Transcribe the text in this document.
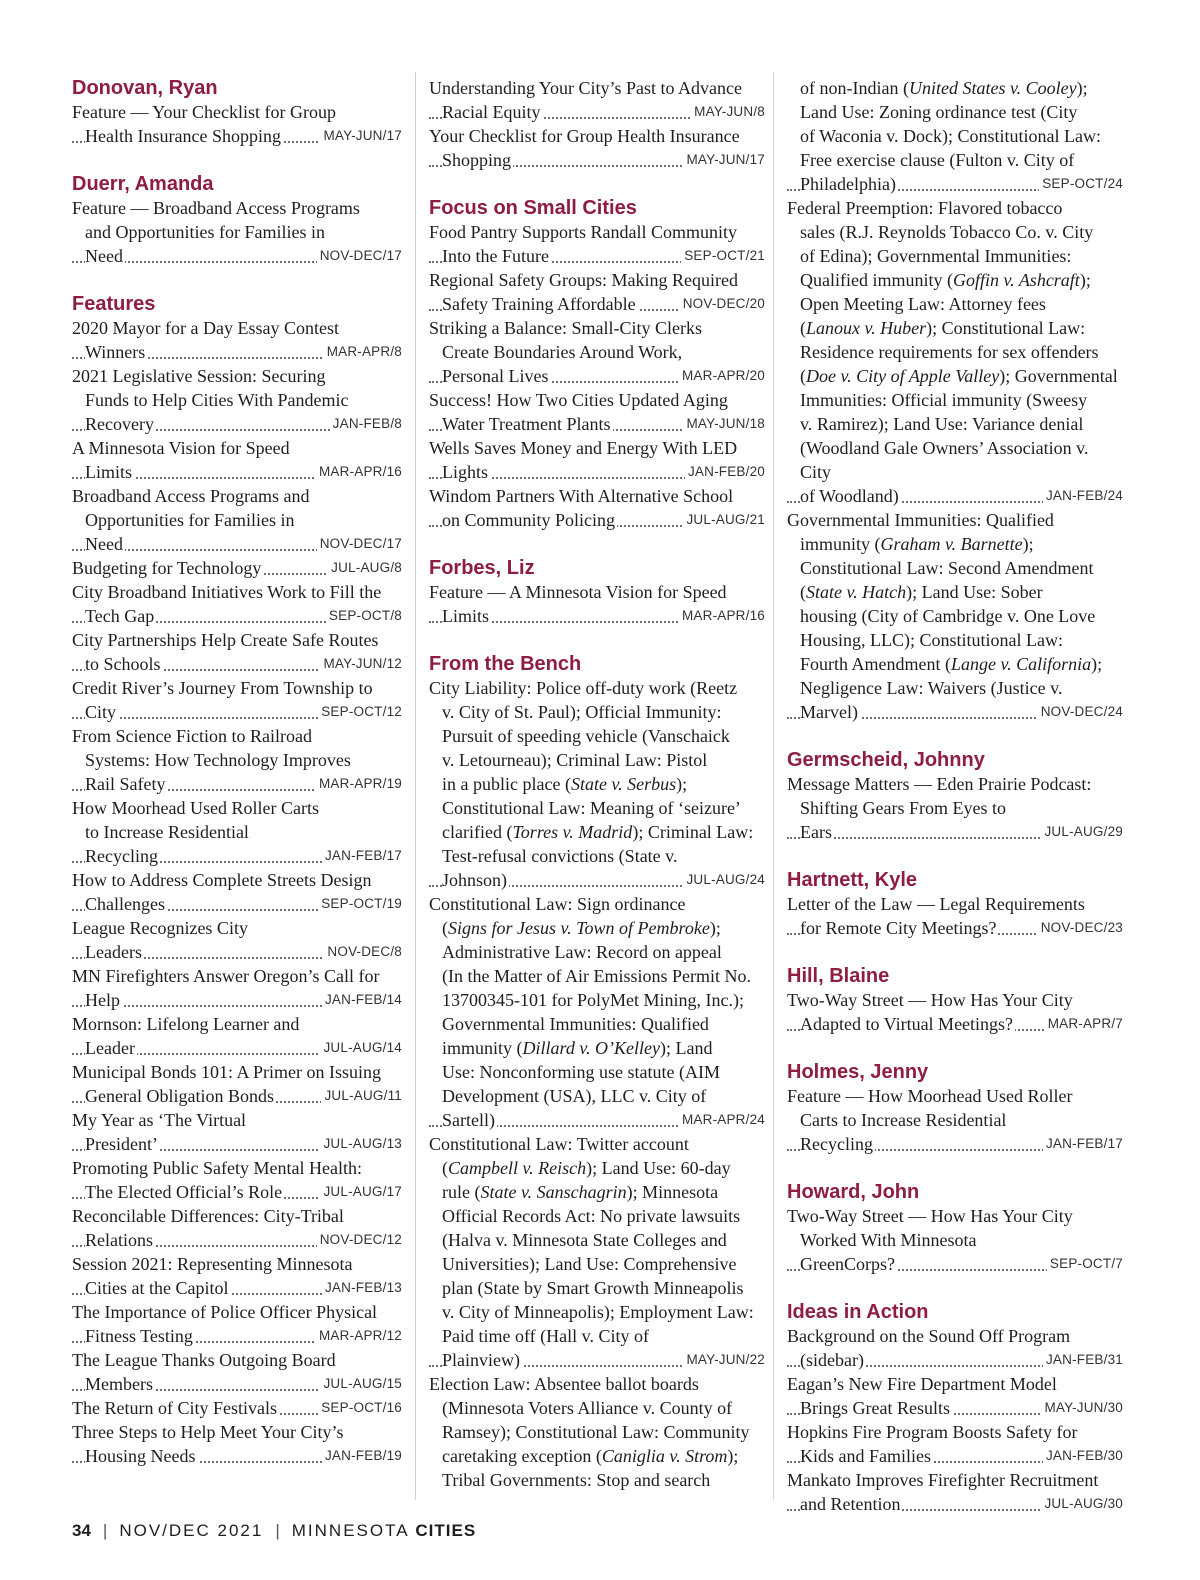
Donovan, Ryan
Feature — Your Checklist for Group
Health Insurance Shopping	MAY-JUN/17
Duerr, Amanda
Feature — Broadband Access Programs
and Opportunities for Families in
Need	NOV-DEC/17
Features
2020 Mayor for a Day Essay Contest
Winners	MAR-APR/8
2021 Legislative Session: Securing
Funds to Help Cities With Pandemic
Recovery	JAN-FEB/8
A Minnesota Vision for Speed
Limits	MAR-APR/16
Broadband Access Programs and
Opportunities for Families in
Need	NOV-DEC/17
Budgeting for Technology	JUL-AUG/8
City Broadband Initiatives Work to Fill the
Tech Gap	SEP-OCT/8
City Partnerships Help Create Safe Routes
to Schools	MAY-JUN/12
Credit River’s Journey From Township to
City	SEP-OCT/12
From Science Fiction to Railroad
Systems: How Technology Improves
Rail Safety	MAR-APR/19
How Moorhead Used Roller Carts
to Increase Residential
Recycling	JAN-FEB/17
How to Address Complete Streets Design
Challenges	SEP-OCT/19
League Recognizes City
Leaders	NOV-DEC/8
MN Firefighters Answer Oregon’s Call for
Help	JAN-FEB/14
Mornson: Lifelong Learner and
Leader	JUL-AUG/14
Municipal Bonds 101: A Primer on Issuing
General Obligation Bonds	JUL-AUG/11
My Year as ‘The Virtual
President’	JUL-AUG/13
Promoting Public Safety Mental Health:
The Elected Official’s Role	JUL-AUG/17
Reconcilable Differences: City-Tribal
Relations	NOV-DEC/12
Session 2021: Representing Minnesota
Cities at the Capitol	JAN-FEB/13
The Importance of Police Officer Physical
Fitness Testing	MAR-APR/12
The League Thanks Outgoing Board
Members	JUL-AUG/15
The Return of City Festivals	SEP-OCT/16
Three Steps to Help Meet Your City’s
Housing Needs	JAN-FEB/19
Understanding Your City’s Past to Advance
Racial Equity	MAY-JUN/8
Your Checklist for Group Health Insurance
Shopping	MAY-JUN/17
Focus on Small Cities
Food Pantry Supports Randall Community
Into the Future	SEP-OCT/21
Regional Safety Groups: Making Required
Safety Training Affordable	NOV-DEC/20
Striking a Balance: Small-City Clerks
Create Boundaries Around Work,
Personal Lives	MAR-APR/20
Success! How Two Cities Updated Aging
Water Treatment Plants	MAY-JUN/18
Wells Saves Money and Energy With LED
Lights	JAN-FEB/20
Windom Partners With Alternative School
on Community Policing	JUL-AUG/21
Forbes, Liz
Feature — A Minnesota Vision for Speed
Limits	MAR-APR/16
From the Bench
City Liability: Police off-duty work (Reetz
v. City of St. Paul); Official Immunity:
Pursuit of speeding vehicle (Vanschaick
v. Letourneau); Criminal Law: Pistol
in a public place (State v. Serbus);
Constitutional Law: Meaning of ‘seizure’
clarified (Torres v. Madrid); Criminal Law:
Test-refusal convictions (State v.
Johnson)	JUL-AUG/24
Constitutional Law: Sign ordinance
(Signs for Jesus v. Town of Pembroke);
Administrative Law: Record on appeal
(In the Matter of Air Emissions Permit No.
13700345-101 for PolyMet Mining, Inc.);
Governmental Immunities: Qualified
immunity (Dillard v. O’Kelley); Land
Use: Nonconforming use statute (AIM
Development (USA), LLC v. City of
Sartell)	MAR-APR/24
Constitutional Law: Twitter account
(Campbell v. Reisch); Land Use: 60-day
rule (State v. Sanschagrin); Minnesota
Official Records Act: No private lawsuits
(Halva v. Minnesota State Colleges and
Universities); Land Use: Comprehensive
plan (State by Smart Growth Minneapolis
v. City of Minneapolis); Employment Law:
Paid time off (Hall v. City of
Plainview)	MAY-JUN/22
Election Law: Absentee ballot boards
(Minnesota Voters Alliance v. County of
Ramsey); Constitutional Law: Community
caretaking exception (Caniglia v. Strom);
Tribal Governments: Stop and search
of non-Indian (United States v. Cooley);
Land Use: Zoning ordinance test (City
of Waconia v. Dock); Constitutional Law:
Free exercise clause (Fulton v. City of
Philadelphia)	SEP-OCT/24
Federal Preemption: Flavored tobacco
sales (R.J. Reynolds Tobacco Co. v. City
of Edina); Governmental Immunities:
Qualified immunity (Goffin v. Ashcraft);
Open Meeting Law: Attorney fees
(Lanoux v. Huber); Constitutional Law:
Residence requirements for sex offenders
(Doe v. City of Apple Valley); Governmental
Immunities: Official immunity (Sweesy
v. Ramirez); Land Use: Variance denial
(Woodland Gale Owners’ Association v. City
of Woodland)	JAN-FEB/24
Governmental Immunities: Qualified
immunity (Graham v. Barnette);
Constitutional Law: Second Amendment
(State v. Hatch); Land Use: Sober
housing (City of Cambridge v. One Love
Housing, LLC); Constitutional Law:
Fourth Amendment (Lange v. California);
Negligence Law: Waivers (Justice v.
Marvel)	NOV-DEC/24
Germscheid, Johnny
Message Matters — Eden Prairie Podcast:
Shifting Gears From Eyes to
Ears	JUL-AUG/29
Hartnett, Kyle
Letter of the Law — Legal Requirements
for Remote City Meetings?	NOV-DEC/23
Hill, Blaine
Two-Way Street — How Has Your City
Adapted to Virtual Meetings?	MAR-APR/7
Holmes, Jenny
Feature — How Moorhead Used Roller
Carts to Increase Residential
Recycling	JAN-FEB/17
Howard, John
Two-Way Street — How Has Your City
Worked With Minnesota
GreenCorps?	SEP-OCT/7
Ideas in Action
Background on the Sound Off Program
(sidebar)	JAN-FEB/31
Eagan’s New Fire Department Model
Brings Great Results	MAY-JUN/30
Hopkins Fire Program Boosts Safety for
Kids and Families	JAN-FEB/30
Mankato Improves Firefighter Recruitment
and Retention	JUL-AUG/30
34 | NOV/DEC 2021 | MINNESOTA CITIES
